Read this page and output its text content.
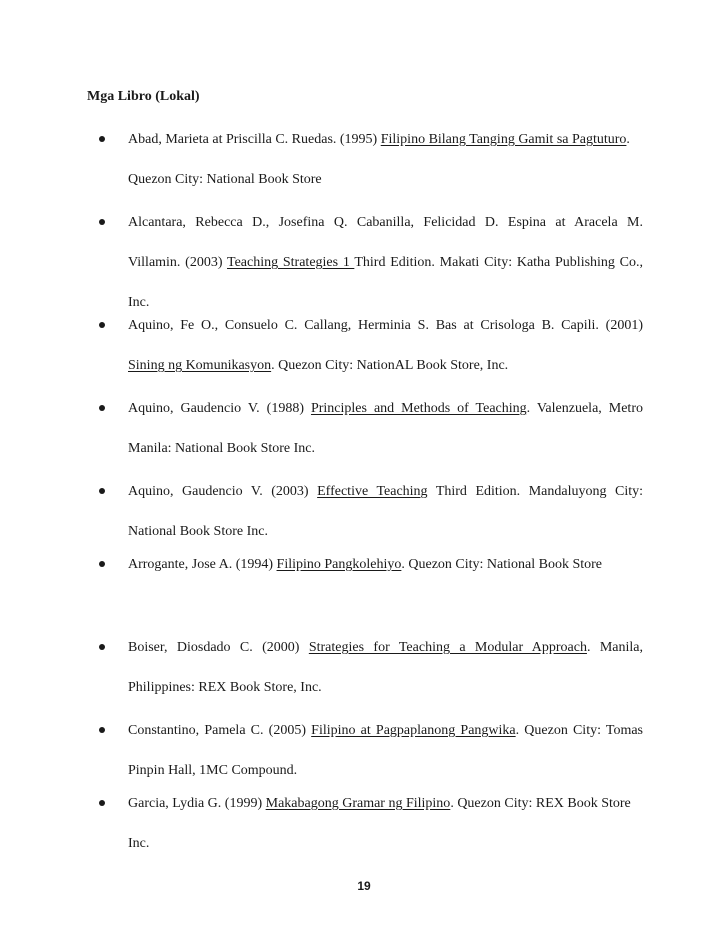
Mga Libro (Lokal)
Abad, Marieta at Priscilla C. Ruedas. (1995) Filipino Bilang Tanging Gamit sa Pagtuturo.
Quezon City: National Book Store
Alcantara, Rebecca D., Josefina Q. Cabanilla, Felicidad D. Espina at Aracela M.
Villamin. (2003) Teaching Strategies 1 Third Edition. Makati City: Katha Publishing Co.,
Inc.
Aquino, Fe O., Consuelo C. Callang, Herminia S. Bas at Crisologa B. Capili. (2001)
Sining ng Komunikasyon. Quezon City: NationAL Book Store, Inc.
Aquino, Gaudencio V. (1988) Principles and Methods of Teaching. Valenzuela, Metro
Manila: National Book Store Inc.
Aquino, Gaudencio V. (2003) Effective Teaching Third Edition. Mandaluyong City:
National Book Store Inc.
Arrogante, Jose A. (1994) Filipino Pangkolehiyo. Quezon City: National Book Store
Boiser, Diosdado C. (2000) Strategies for Teaching a Modular Approach. Manila,
Philippines: REX Book Store, Inc.
Constantino, Pamela C. (2005) Filipino at Pagpaplanong Pangwika. Quezon City: Tomas
Pinpin Hall, 1MC Compound.
Garcia, Lydia G. (1999) Makabagong Gramar ng Filipino. Quezon City: REX Book Store
Inc.
19
